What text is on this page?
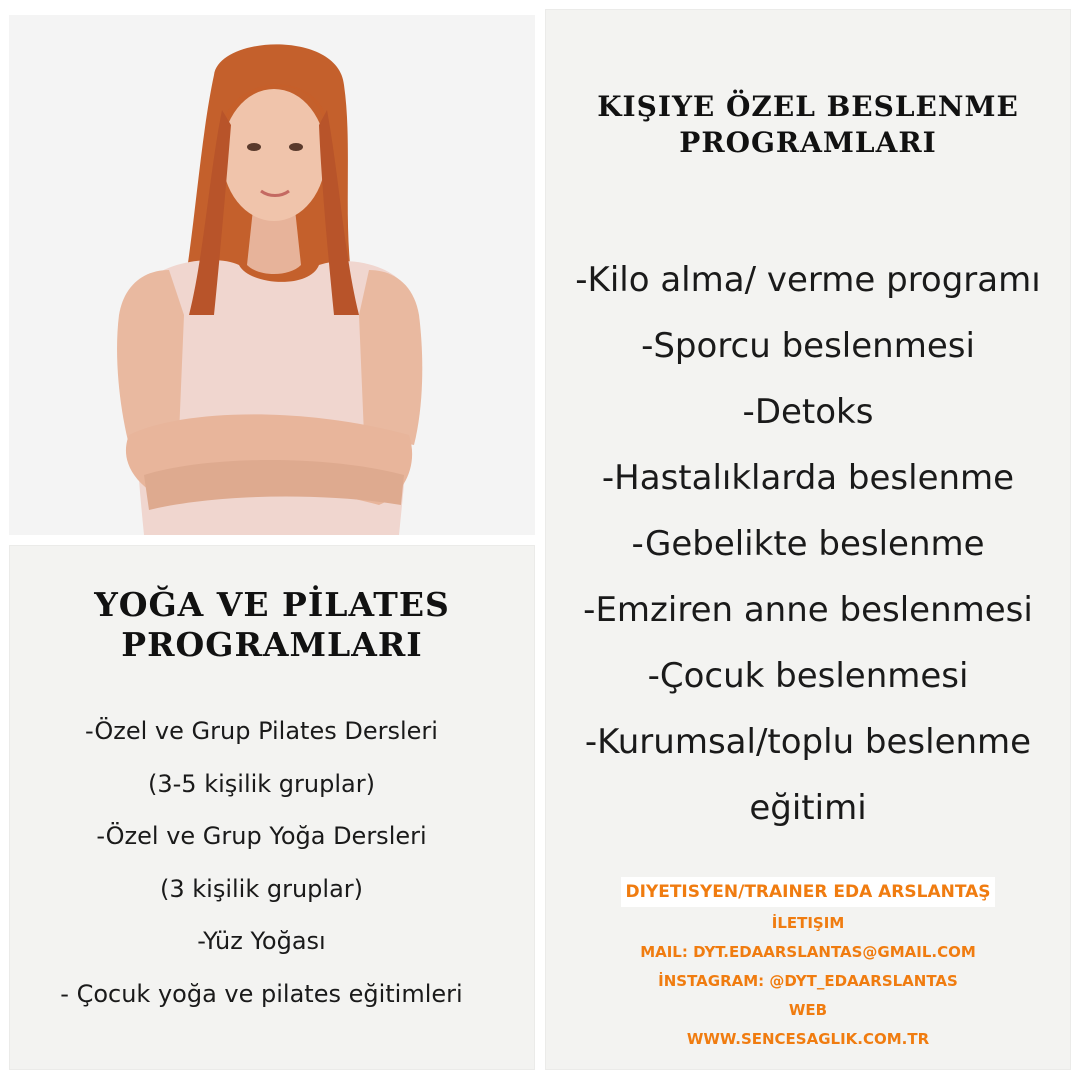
YOĞA VE PİLATES PROGRAMLARI
-Özel ve Grup Pilates Dersleri
(3-5 kişilik gruplar)
-Özel ve Grup Yoğa Dersleri
(3 kişilik gruplar)
-Yüz Yoğası
- Çocuk yoğa ve pilates eğitimleri
KIŞIYE ÖZEL BESLENME PROGRAMLARI
-Kilo alma/ verme programı
-Sporcu beslenmesi
-Detoks
-Hastalıklarda beslenme
-Gebelikte beslenme
-Emziren anne beslenmesi
-Çocuk beslenmesi
-Kurumsal/toplu beslenme
eğitimi
DIYETISYEN/TRAINER EDA ARSLANTAŞ
İLETIŞIM
MAIL: DYT.EDAARSLANTAS@GMAIL.COM
İNSTAGRAM: @DYT_EDAARSLANTAS
WEB
WWW.SENCESAGLIK.COM.TR
